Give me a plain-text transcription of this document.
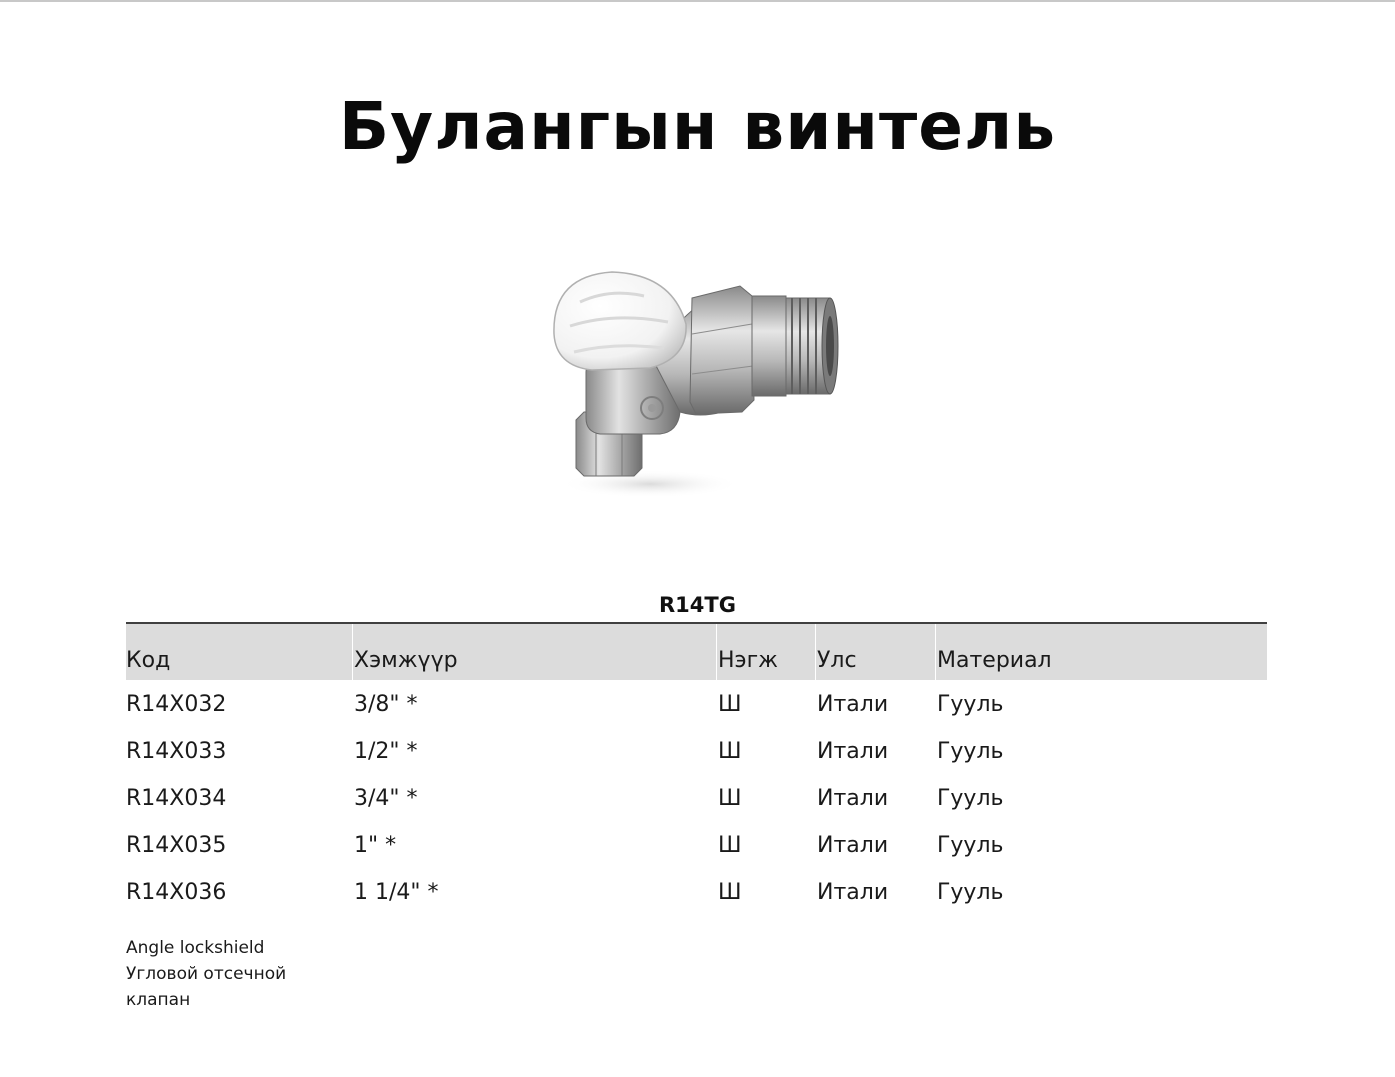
Булангын винтель
R14TG
Код	Хэмжүүр	Нэгж Улс	Материал
R14X032	3/8" *	Ш	Итали Гууль
R14X033	1/2" *	Ш	Итали Гууль
R14X034	3/4" *	Ш	Итали Гууль
R14X035	1" *	Ш	Итали Гууль
R14X036	1 1/4" *	Ш	Итали Гууль
Angle lockshield
Угловой отсечной
клапан
